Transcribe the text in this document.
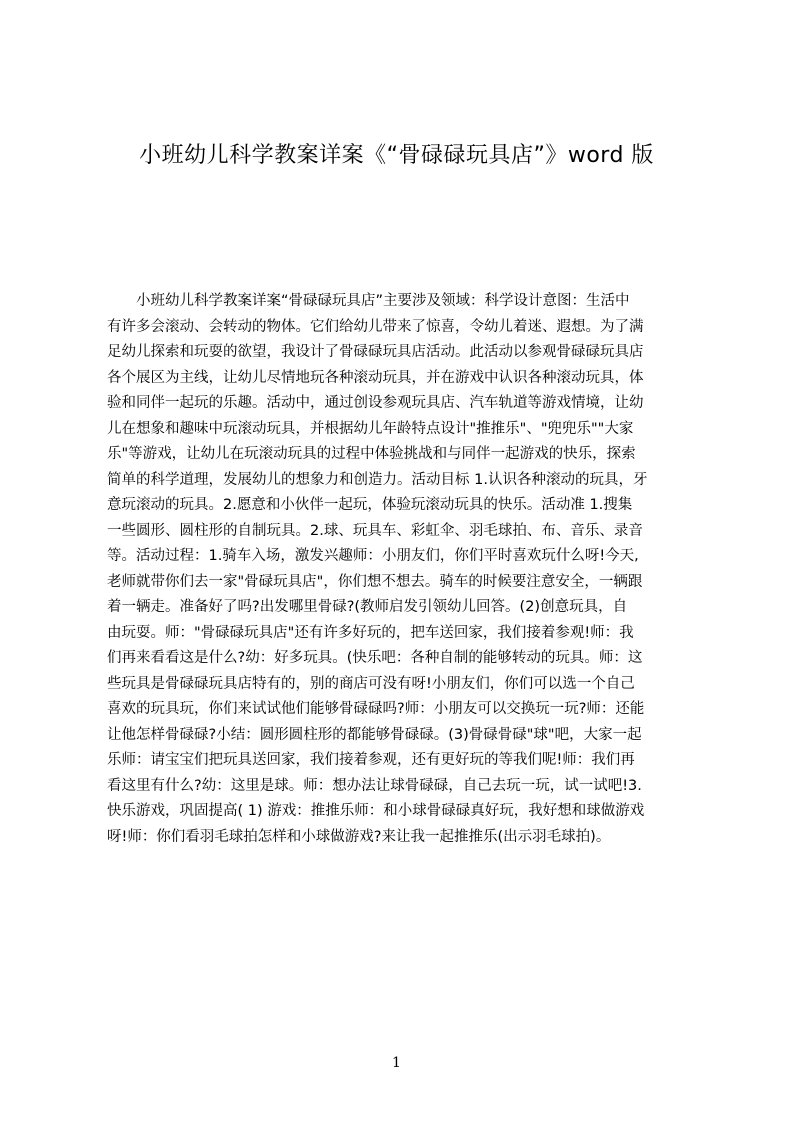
小班幼儿科学教案详案《“骨碌碌玩具店”》word 版
　　小班幼儿科学教案详案“骨碌碌玩具店”主要涉及领域：科学设计意图：生活中
有许多会滚动、会转动的物体。它们给幼儿带来了惊喜，令幼儿着迷、遐想。为了满
足幼儿探索和玩耍的欲望，我设计了骨碌碌玩具店活动。此活动以参观骨碌碌玩具店
各个展区为主线，让幼儿尽情地玩各种滚动玩具，并在游戏中认识各种滚动玩具，体
验和同伴一起玩的乐趣。活动中，通过创设参观玩具店、汽车轨道等游戏情境，让幼
儿在想象和趣味中玩滚动玩具，并根据幼儿年龄特点设计"推推乐"、"兜兜乐""大家
乐"等游戏，让幼儿在玩滚动玩具的过程中体验挑战和与同伴一起游戏的快乐，探索
简单的科学道理，发展幼儿的想象力和创造力。活动目标 1.认识各种滚动的玩具，牙
意玩滚动的玩具。2.愿意和小伙伴一起玩，体验玩滚动玩具的快乐。活动准 1.搜集
一些圆形、圆柱形的自制玩具。2.球、玩具车、彩虹伞、羽毛球拍、布、音乐、录音
等。活动过程：1.骑车入场，激发兴趣师：小朋友们，你们平时喜欢玩什么呀!今天,
老师就带你们去一家"骨碌玩具店"，你们想不想去。骑车的时候要注意安全，一辆跟
着一辆走。准备好了吗?出发哪里骨碌?(教师启发引领幼儿回答。(2)创意玩具，自
由玩耍。师："骨碌碌玩具店"还有许多好玩的，把车送回家，我们接着参观!师：我
们再来看看这是什么?幼：好多玩具。(快乐吧：各种自制的能够转动的玩具。师：这
些玩具是骨碌碌玩具店特有的，别的商店可没有呀!小朋友们，你们可以选一个自己
喜欢的玩具玩，你们来试试他们能够骨碌碌吗?师：小朋友可以交换玩一玩?师：还能
让他怎样骨碌碌?小结：圆形圆柱形的都能够骨碌碌。(3)骨碌骨碌"球"吧，大家一起
乐师：请宝宝们把玩具送回家，我们接着参观，还有更好玩的等我们呢!师：我们再
看这里有什么?幼：这里是球。师：想办法让球骨碌碌，自己去玩一玩，试一试吧!3.
快乐游戏，巩固提高( 1) 游戏：推推乐师：和小球骨碌碌真好玩，我好想和球做游戏
呀!师：你们看羽毛球拍怎样和小球做游戏?来让我一起推推乐(出示羽毛球拍)。
1
